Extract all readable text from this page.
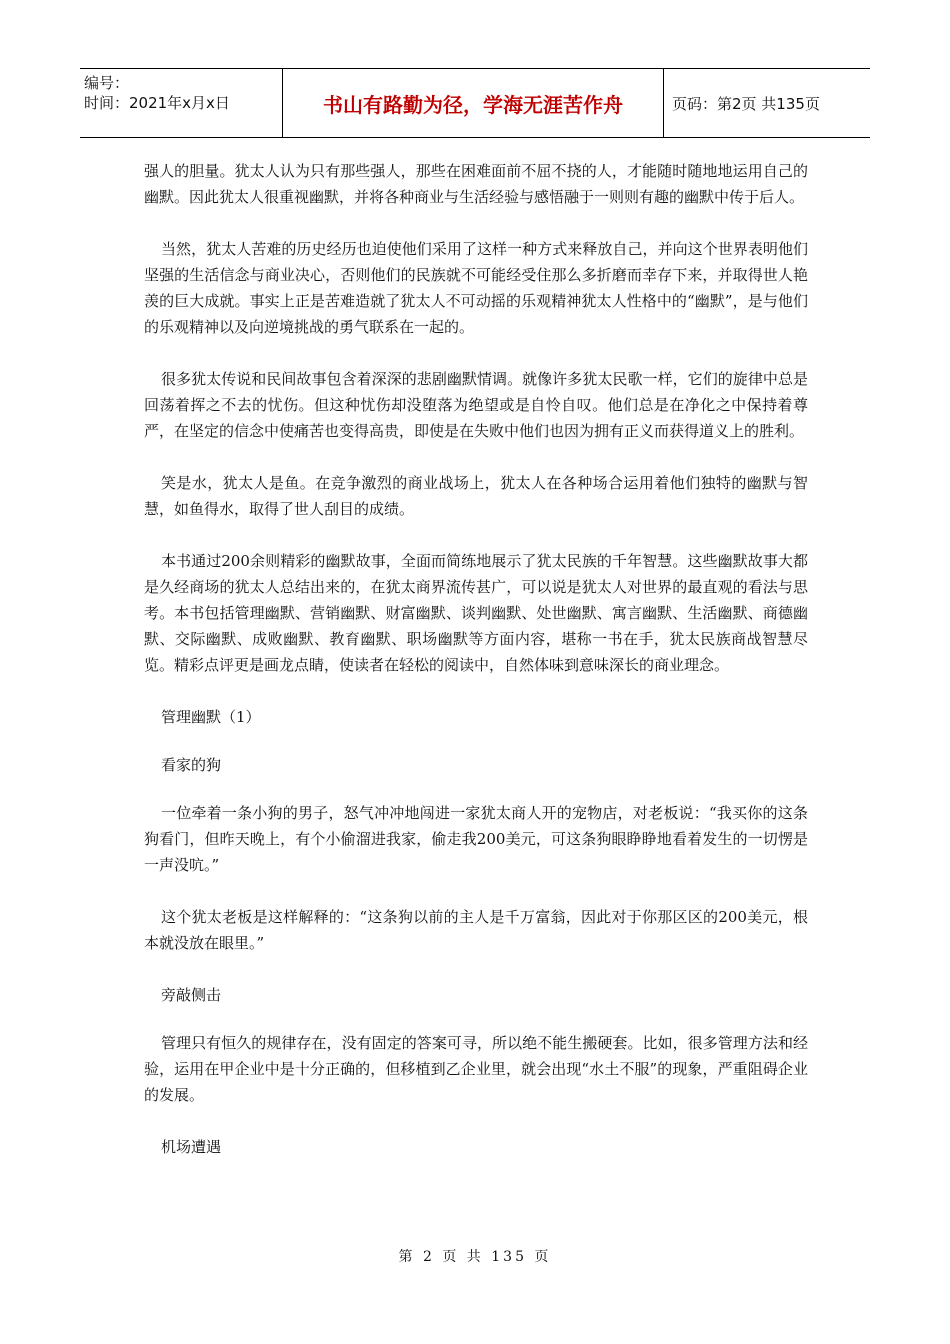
编号：
时间：2021年x月x日	书山有路勤为径，学海无涯苦作舟	页码：第2页 共135页

强人的胆量。犹太人认为只有那些强人，那些在困难面前不屈不挠的人，才能随时随地地运用自己的幽默。因此犹太人很重视幽默，并将各种商业与生活经验与感悟融于一则则有趣的幽默中传于后人。

当然，犹太人苦难的历史经历也迫使他们采用了这样一种方式来释放自己，并向这个世界表明他们坚强的生活信念与商业决心，否则他们的民族就不可能经受住那么多折磨而幸存下来，并取得世人艳羡的巨大成就。事实上正是苦难造就了犹太人不可动摇的乐观精神犹太人性格中的“幽默”，是与他们的乐观精神以及向逆境挑战的勇气联系在一起的。

很多犹太传说和民间故事包含着深深的悲剧幽默情调。就像许多犹太民歌一样，它们的旋律中总是回荡着挥之不去的忧伤。但这种忧伤却没堕落为绝望或是自怜自叹。他们总是在净化之中保持着尊严，在坚定的信念中使痛苦也变得高贵，即使是在失败中他们也因为拥有正义而获得道义上的胜利。

笑是水，犹太人是鱼。在竞争激烈的商业战场上，犹太人在各种场合运用着他们独特的幽默与智慧，如鱼得水，取得了世人刮目的成绩。

本书通过200余则精彩的幽默故事，全面而简练地展示了犹太民族的千年智慧。这些幽默故事大都是久经商场的犹太人总结出来的，在犹太商界流传甚广，可以说是犹太人对世界的最直观的看法与思考。本书包括管理幽默、营销幽默、财富幽默、谈判幽默、处世幽默、寓言幽默、生活幽默、商德幽默、交际幽默、成败幽默、教育幽默、职场幽默等方面内容，堪称一书在手，犹太民族商战智慧尽览。精彩点评更是画龙点睛，使读者在轻松的阅读中，自然体味到意味深长的商业理念。

管理幽默（1）

看家的狗

一位牵着一条小狗的男子，怒气冲冲地闯进一家犹太商人开的宠物店，对老板说：“我买你的这条狗看门，但昨天晚上，有个小偷溜进我家，偷走我200美元，可这条狗眼睁睁地看着发生的一切愣是一声没吭。”

这个犹太老板是这样解释的：“这条狗以前的主人是千万富翁，因此对于你那区区的200美元，根本就没放在眼里。”

旁敲侧击

管理只有恒久的规律存在，没有固定的答案可寻，所以绝不能生搬硬套。比如，很多管理方法和经验，运用在甲企业中是十分正确的，但移植到乙企业里，就会出现“水土不服”的现象，严重阻碍企业的发展。

机场遭遇

第 2 页 共 135 页
